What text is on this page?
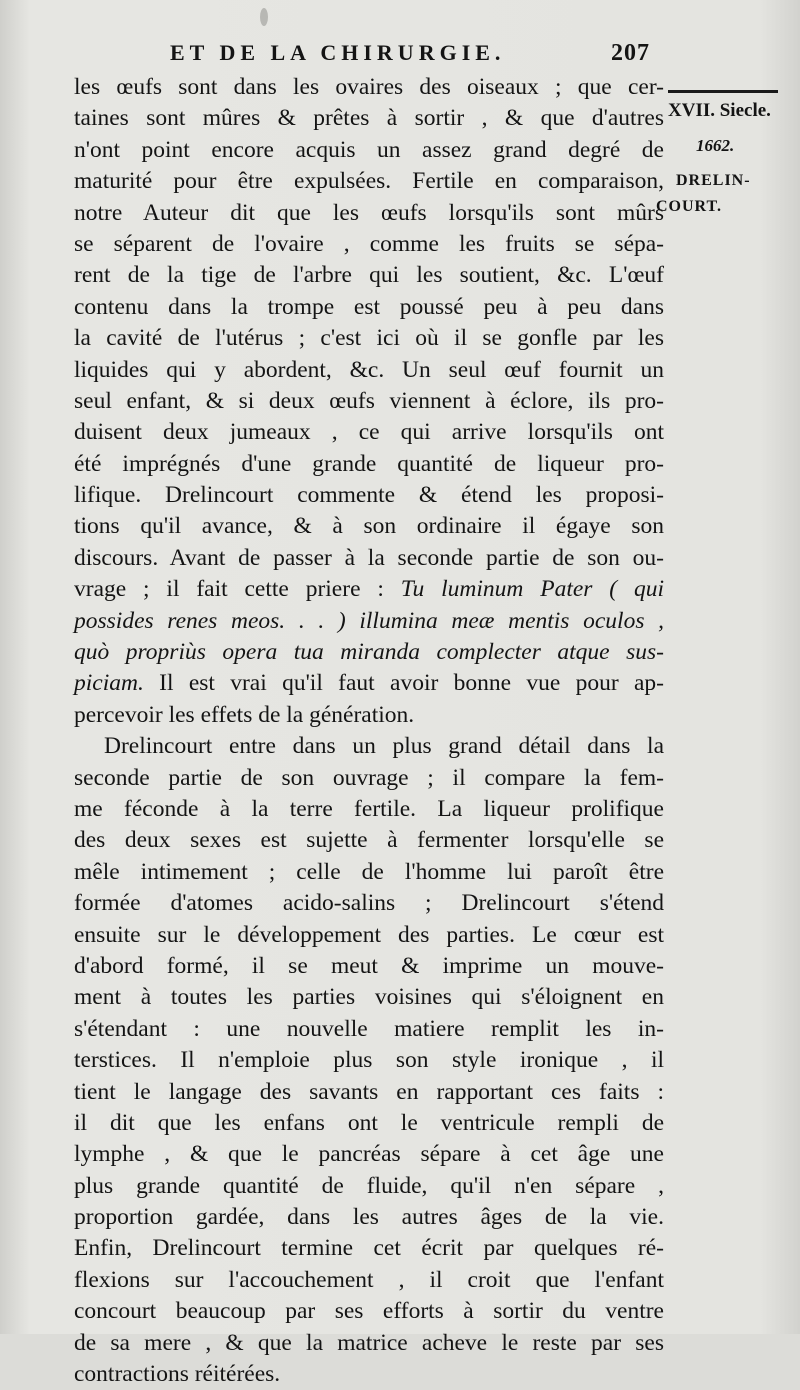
ET DE LA CHIRURGIE.	207
XVII. Siecle.
1662.
DRELIN-
COURT.
les œufs sont dans les ovaires des oiseaux ; que cer-
taines sont mûres & prêtes à sortir , & que d'autres
n'ont point encore acquis un assez grand degré de
maturité pour être expulsées. Fertile en comparaison,
notre Auteur dit que les œufs lorsqu'ils sont mûrs
se séparent de l'ovaire , comme les fruits se sépa-
rent de la tige de l'arbre qui les soutient, &c. L'œuf
contenu dans la trompe est poussé peu à peu dans
la cavité de l'utérus ; c'est ici où il se gonfle par les
liquides qui y abordent, &c. Un seul œuf fournit un
seul enfant, & si deux œufs viennent à éclore, ils pro-
duisent deux jumeaux , ce qui arrive lorsqu'ils ont
été imprégnés d'une grande quantité de liqueur pro-
lifique. Drelincourt commente & étend les proposi-
tions qu'il avance, & à son ordinaire il égaye son
discours. Avant de passer à la seconde partie de son ou-
vrage ; il fait cette priere : Tu luminum Pater ( qui
possides renes meos. . . ) illumina meæ mentis oculos ,
quò propriùs opera tua miranda complecter atque sus-
piciam. Il est vrai qu'il faut avoir bonne vue pour ap-
percevoir les effets de la génération.
Drelincourt entre dans un plus grand détail dans la
seconde partie de son ouvrage ; il compare la fem-
me féconde à la terre fertile. La liqueur prolifique
des deux sexes est sujette à fermenter lorsqu'elle se
mêle intimement ; celle de l'homme lui paroît être
formée d'atomes acido-salins ; Drelincourt s'étend
ensuite sur le développement des parties. Le cœur est
d'abord formé, il se meut & imprime un mouve-
ment à toutes les parties voisines qui s'éloignent en
s'étendant : une nouvelle matiere remplit les in-
terstices. Il n'emploie plus son style ironique , il
tient le langage des savants en rapportant ces faits :
il dit que les enfans ont le ventricule rempli de
lymphe , & que le pancréas sépare à cet âge une
plus grande quantité de fluide, qu'il n'en sépare ,
proportion gardée, dans les autres âges de la vie.
Enfin, Drelincourt termine cet écrit par quelques ré-
flexions sur l'accouchement , il croit que l'enfant
concourt beaucoup par ses efforts à sortir du ventre
de sa mere , & que la matrice acheve le reste par ses
contractions réitérées.
